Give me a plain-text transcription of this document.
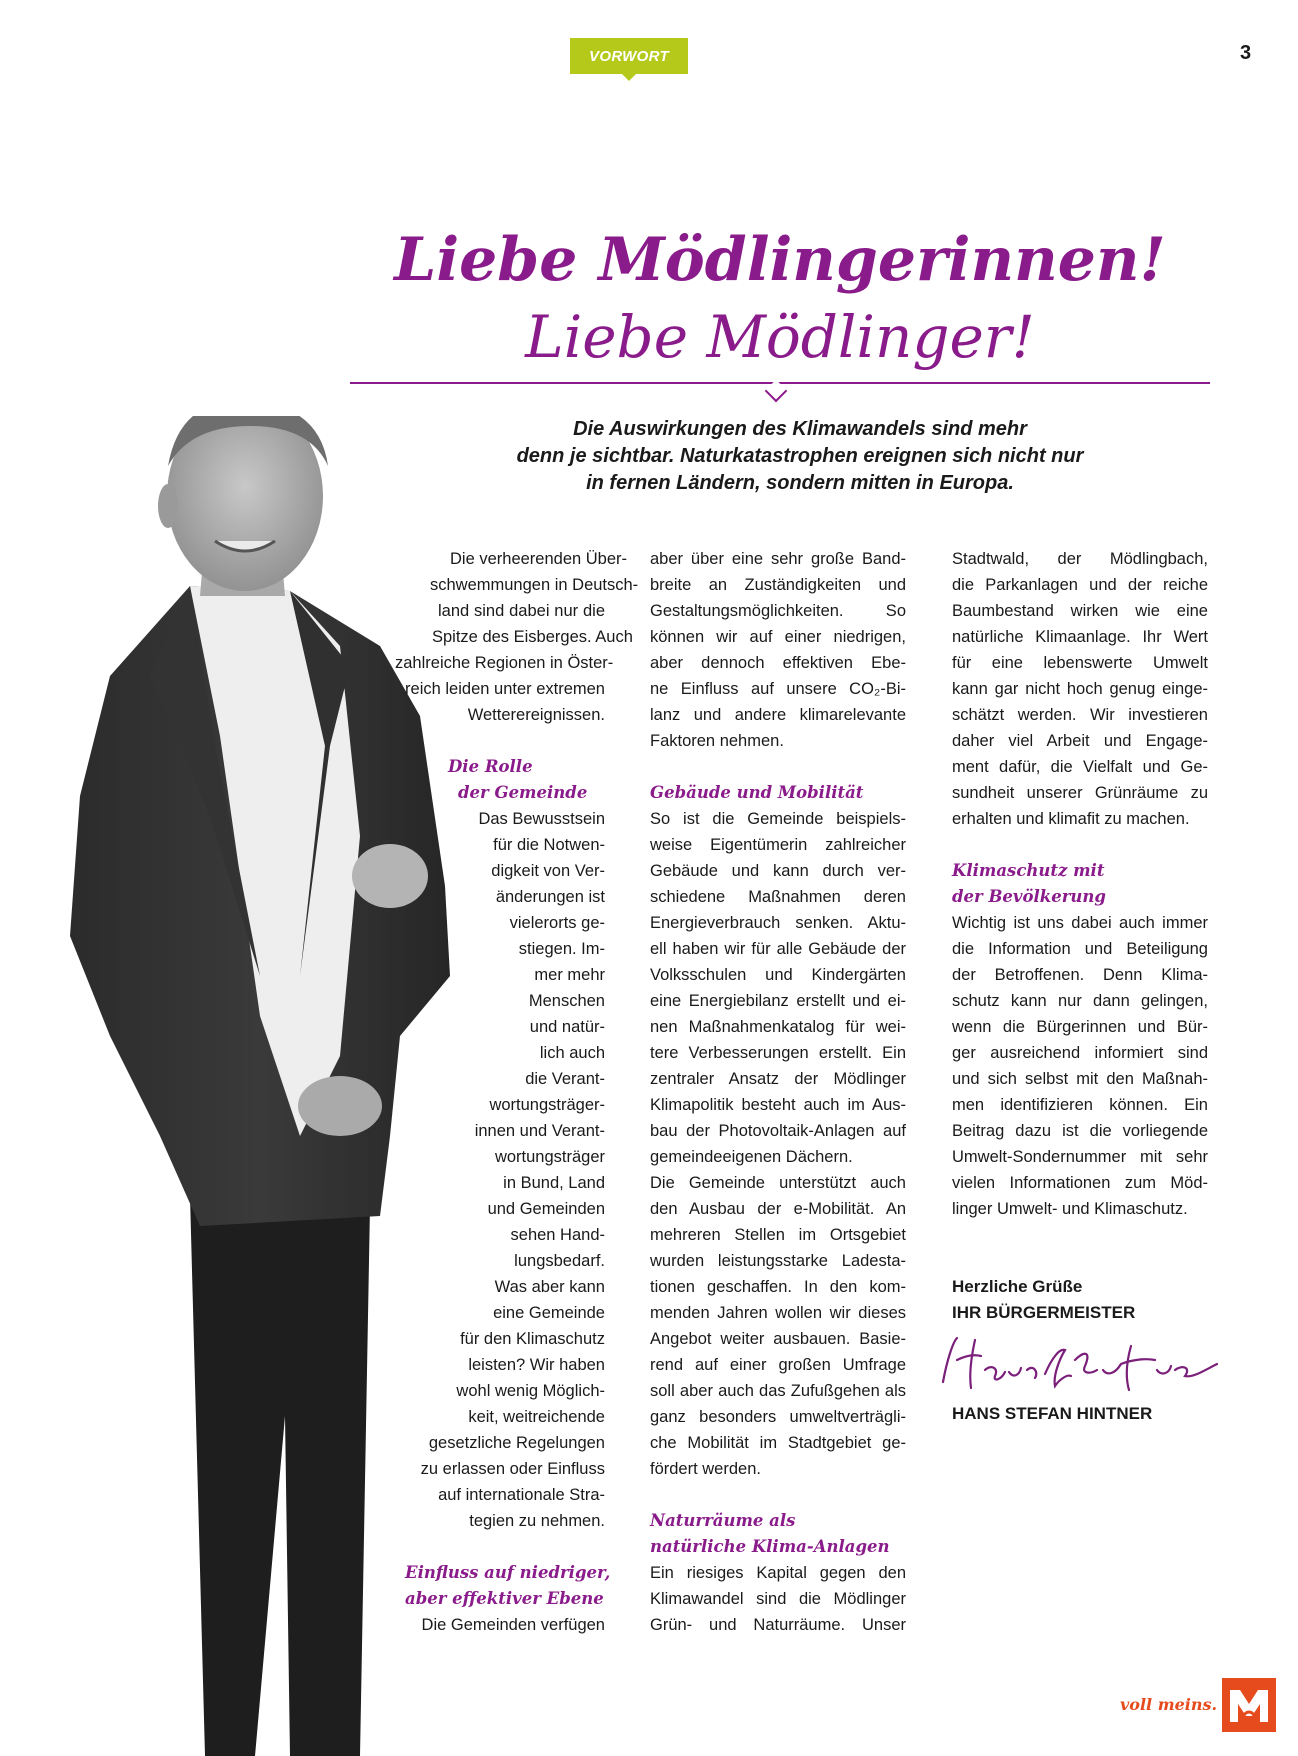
VORWORT	3
Liebe Mödlingerinnen!
Liebe Mödlinger!
Die Auswirkungen des Klimawandels sind mehr
denn je sichtbar. Naturkatastrophen ereignen sich nicht nur
in fernen Ländern, sondern mitten in Europa.
Die verheerenden Über-
schwemmungen in Deutsch-
land sind dabei nur die
Spitze des Eisberges. Auch
zahlreiche Regionen in Öster-
reich leiden unter extremen
Wetterereignissen.
Die Rolle
der Gemeinde
Das Bewusstsein
für die Notwen-
digkeit von Ver-
änderungen ist
vielerorts ge-
stiegen. Im-
mer mehr
Menschen
und natür-
lich auch
die Verant-
wortungsträger-
innen und Verant-
wortungsträger
in Bund, Land
und Gemeinden
sehen Hand-
lungsbedarf.
Was aber kann
eine Gemeinde
für den Klimaschutz
leisten? Wir haben
wohl wenig Möglich-
keit, weitreichende
gesetzliche Regelungen
zu erlassen oder Einfluss
auf internationale Stra-
tegien zu nehmen.
Einfluss auf niedriger,
aber effektiver Ebene
Die Gemeinden verfügen
aber über eine sehr große Band-
breite an Zuständigkeiten und
Gestaltungsmöglichkeiten. So
können wir auf einer niedrigen,
aber dennoch effektiven Ebe-
ne Einfluss auf unsere CO₂-Bi-
lanz und andere klimarelevante
Faktoren nehmen.
Gebäude und Mobilität
So ist die Gemeinde beispiels-
weise Eigentümerin zahlreicher
Gebäude und kann durch ver-
schiedene Maßnahmen deren
Energieverbrauch senken. Aktu-
ell haben wir für alle Gebäude der
Volksschulen und Kindergärten
eine Energiebilanz erstellt und ei-
nen Maßnahmenkatalog für wei-
tere Verbesserungen erstellt. Ein
zentraler Ansatz der Mödlinger
Klimapolitik besteht auch im Aus-
bau der Photovoltaik-Anlagen auf
gemeindeeigenen Dächern.
Die Gemeinde unterstützt auch
den Ausbau der e-Mobilität. An
mehreren Stellen im Ortsgebiet
wurden leistungsstarke Ladesta-
tionen geschaffen. In den kom-
menden Jahren wollen wir dieses
Angebot weiter ausbauen. Basie-
rend auf einer großen Umfrage
soll aber auch das Zufußgehen als
ganz besonders umweltverträgli-
che Mobilität im Stadtgebiet ge-
fördert werden.
Naturräume als
natürliche Klima-Anlagen
Ein riesiges Kapital gegen den
Klimawandel sind die Mödlinger
Grün- und Naturräume. Unser
Stadtwald, der Mödlingbach,
die Parkanlagen und der reiche
Baumbestand wirken wie eine
natürliche Klimaanlage. Ihr Wert
für eine lebenswerte Umwelt
kann gar nicht hoch genug einge-
schätzt werden. Wir investieren
daher viel Arbeit und Engage-
ment dafür, die Vielfalt und Ge-
sundheit unserer Grünräume zu
erhalten und klimafit zu machen.
Klimaschutz mit
der Bevölkerung
Wichtig ist uns dabei auch immer
die Information und Beteiligung
der Betroffenen. Denn Klima-
schutz kann nur dann gelingen,
wenn die Bürgerinnen und Bür-
ger ausreichend informiert sind
und sich selbst mit den Maßnah-
men identifizieren können. Ein
Beitrag dazu ist die vorliegende
Umwelt-Sondernummer mit sehr
vielen Informationen zum Möd-
linger Umwelt- und Klimaschutz.
Herzliche Grüße
IHR BÜRGERMEISTER
HANS STEFAN HINTNER
voll meins.
